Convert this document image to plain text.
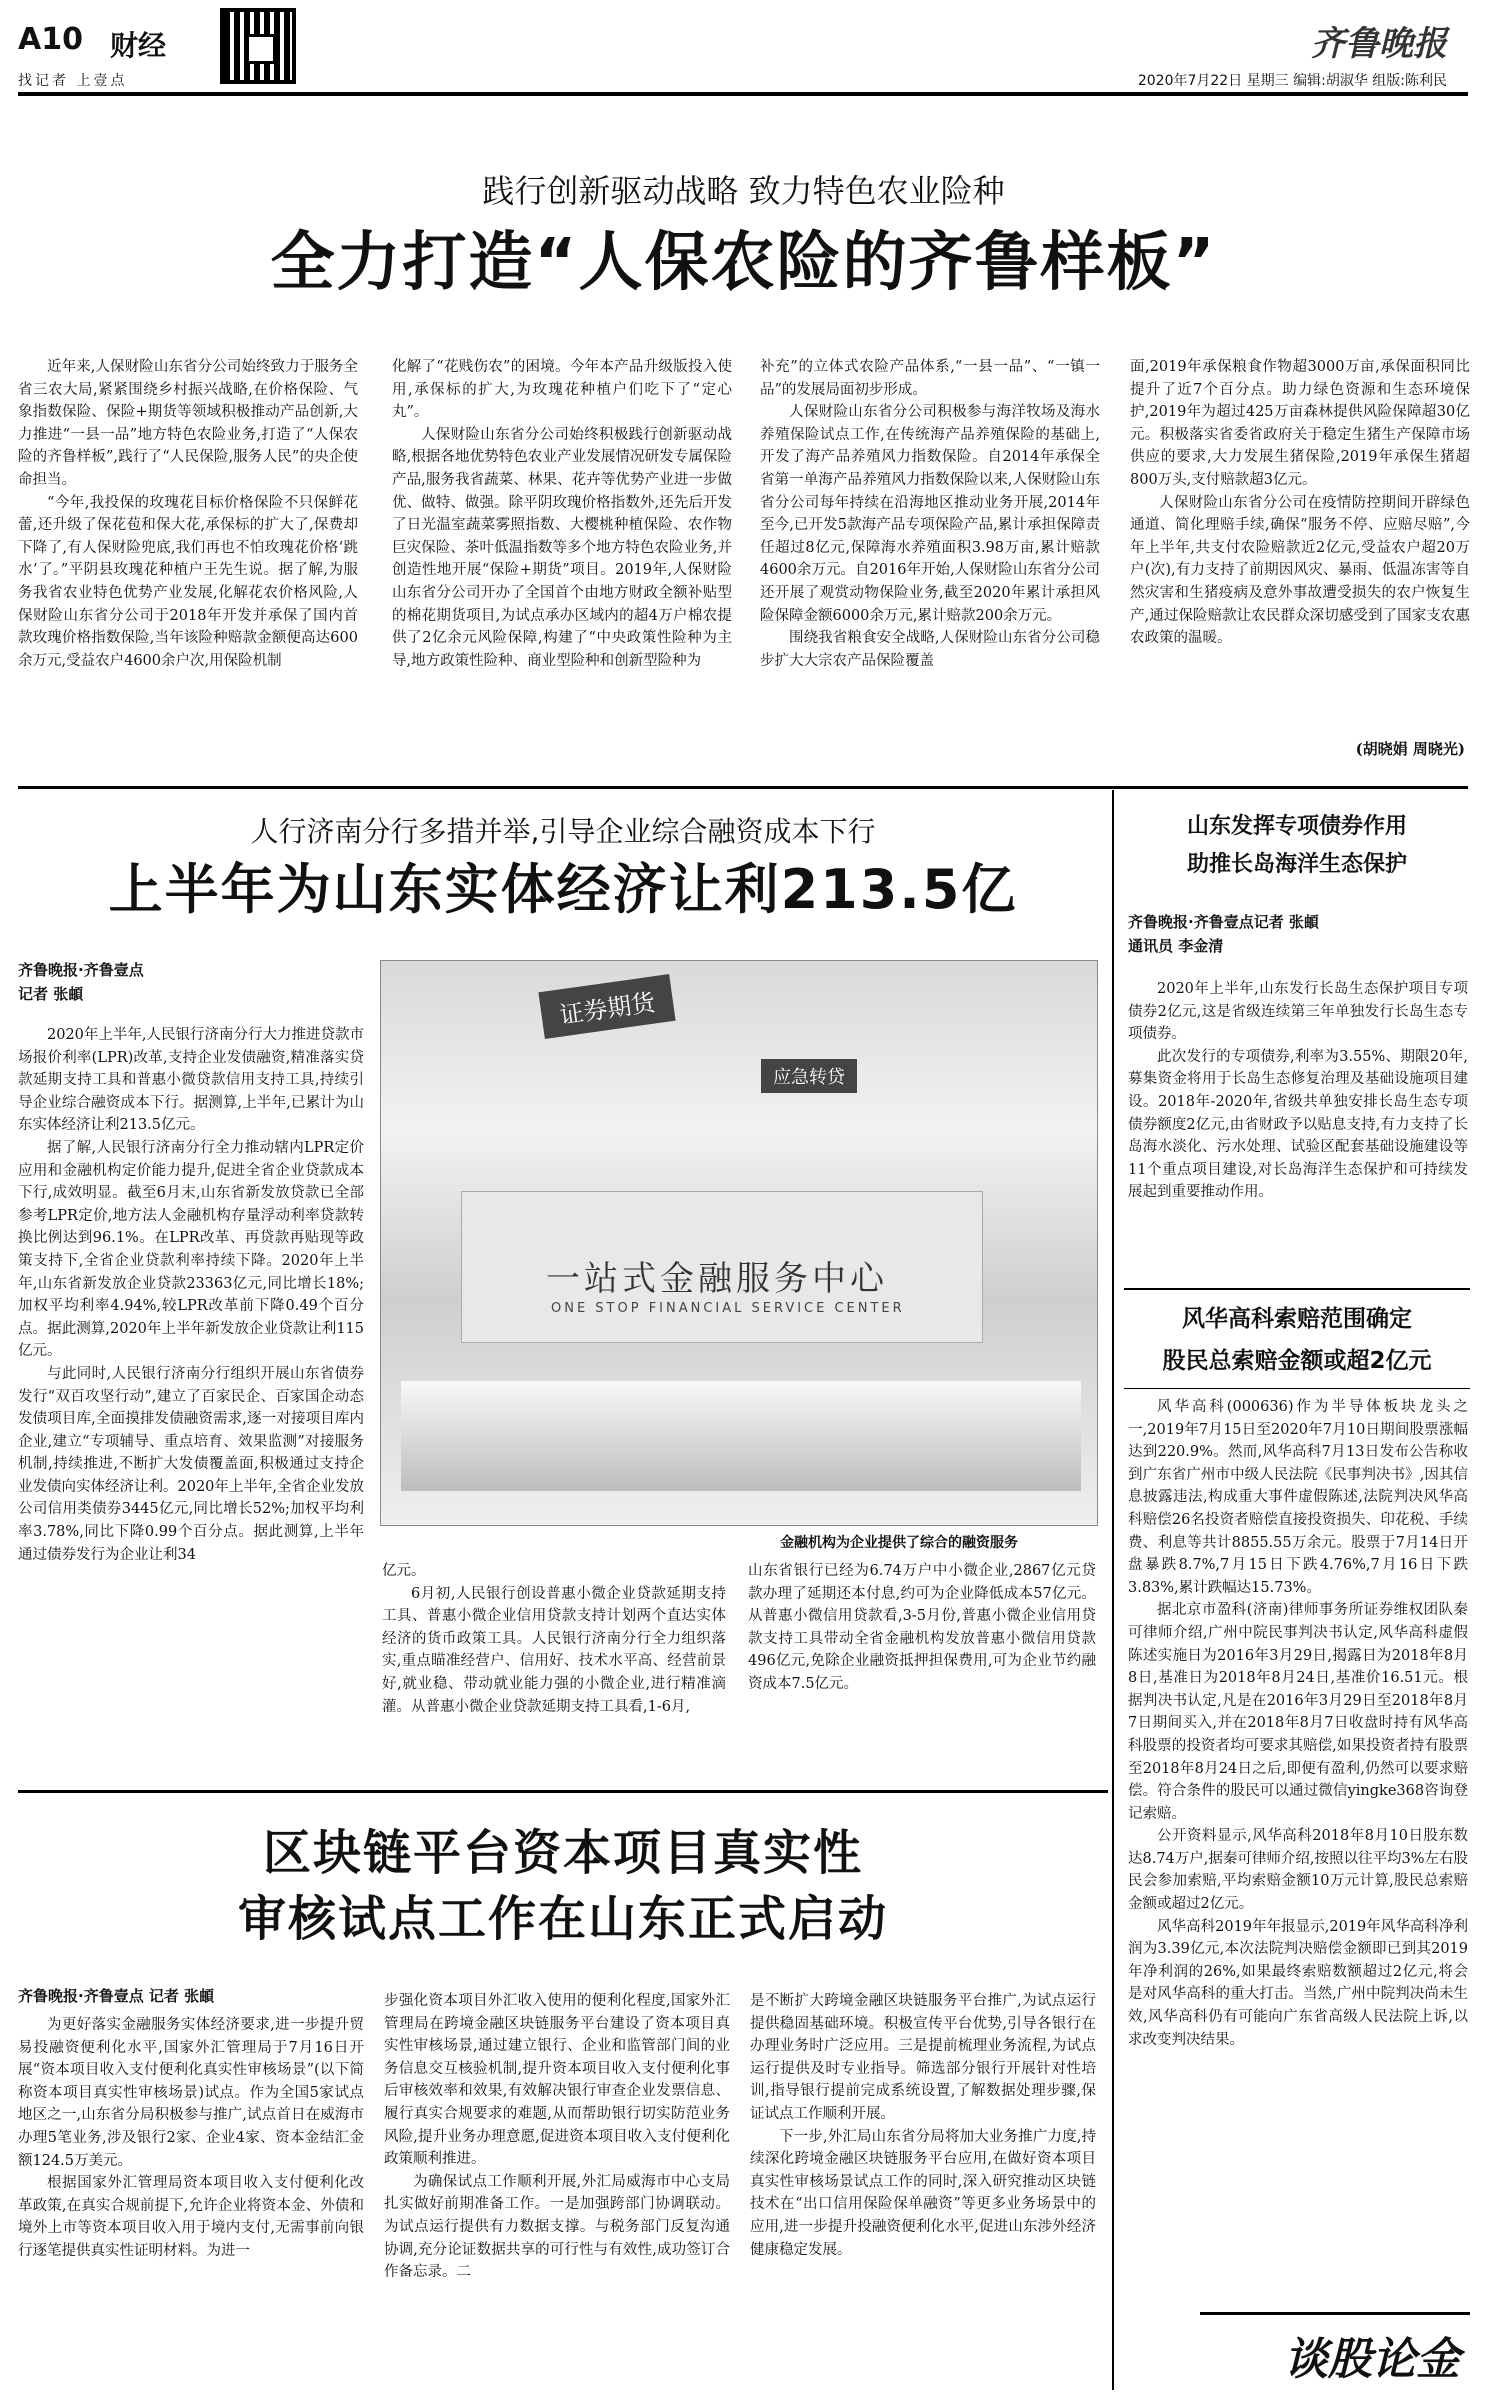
A10 财经
找记者 上壹点
齐鲁晚报
2020年7月22日 星期三 编辑:胡淑华 组版:陈利民
践行创新驱动战略 致力特色农业险种
全力打造“人保农险的齐鲁样板”

近年来,人保财险山东省分公司始终致力于服务全省三农大局,紧紧围绕乡村振兴战略,在价格保险、气象指数保险、保险+期货等领域积极推动产品创新,大力推进“一县一品”地方特色农险业务,打造了“人保农险的齐鲁样板”,践行了“人民保险,服务人民”的央企使命担当。

“今年,我投保的玫瑰花目标价格保险不只保鲜花蕾,还升级了保花苞和保大花,承保标的扩大了,保费却下降了,有人保财险兜底,我们再也不怕玫瑰花价格‘跳水’了。”平阴县玫瑰花种植户王先生说。据了解,为服务我省农业特色优势产业发展,化解花农价格风险,人保财险山东省分公司于2018年开发并承保了国内首款玫瑰价格指数保险,当年该险种赔款金额便高达600余万元,受益农户4600余户次,用保险机制

化解了“花贱伤农”的困境。今年本产品升级版投入使用,承保标的扩大,为玫瑰花种植户们吃下了“定心丸”。

人保财险山东省分公司始终积极践行创新驱动战略,根据各地优势特色农业产业发展情况研发专属保险产品,服务我省蔬菜、林果、花卉等优势产业进一步做优、做特、做强。除平阴玫瑰价格指数外,还先后开发了日光温室蔬菜雾照指数、大樱桃种植保险、农作物巨灾保险、茶叶低温指数等多个地方特色农险业务,并创造性地开展“保险+期货”项目。2019年,人保财险山东省分公司开办了全国首个由地方财政全额补贴型的棉花期货项目,为试点承办区域内的超4万户棉农提供了2亿余元风险保障,构建了“中央政策性险种为主导,地方政策性险种、商业型险种和创新型险种为

补充”的立体式农险产品体系,“一县一品”、“一镇一品”的发展局面初步形成。

人保财险山东省分公司积极参与海洋牧场及海水养殖保险试点工作,在传统海产品养殖保险的基础上,开发了海产品养殖风力指数保险。自2014年承保全省第一单海产品养殖风力指数保险以来,人保财险山东省分公司每年持续在沿海地区推动业务开展,2014年至今,已开发5款海产品专项保险产品,累计承担保障责任超过8亿元,保障海水养殖面积3.98万亩,累计赔款4600余万元。自2016年开始,人保财险山东省分公司还开展了观赏动物保险业务,截至2020年累计承担风险保障金额6000余万元,累计赔款200余万元。

围绕我省粮食安全战略,人保财险山东省分公司稳步扩大大宗农产品保险覆盖

面,2019年承保粮食作物超3000万亩,承保面积同比提升了近7个百分点。助力绿色资源和生态环境保护,2019年为超过425万亩森林提供风险保障超30亿元。积极落实省委省政府关于稳定生猪生产保障市场供应的要求,大力发展生猪保险,2019年承保生猪超800万头,支付赔款超3亿元。

人保财险山东省分公司在疫情防控期间开辟绿色通道、简化理赔手续,确保“服务不停、应赔尽赔”,今年上半年,共支付农险赔款近2亿元,受益农户超20万户(次),有力支持了前期因风灾、暴雨、低温冻害等自然灾害和生猪疫病及意外事故遭受损失的农户恢复生产,通过保险赔款让农民群众深切感受到了国家支农惠农政策的温暖。

(胡晓娟 周晓光)
人行济南分行多措并举,引导企业综合融资成本下行
上半年为山东实体经济让利213.5亿
齐鲁晚报·齐鲁壹点
记者 张頔

2020年上半年,人民银行济南分行大力推进贷款市场报价利率(LPR)改革,支持企业发债融资,精准落实贷款延期支持工具和普惠小微贷款信用支持工具,持续引导企业综合融资成本下行。据测算,上半年,已累计为山东实体经济让利213.5亿元。

据了解,人民银行济南分行全力推动辖内LPR定价应用和金融机构定价能力提升,促进全省企业贷款成本下行,成效明显。截至6月末,山东省新发放贷款已全部参考LPR定价,地方法人金融机构存量浮动利率贷款转换比例达到96.1%。在LPR改革、再贷款再贴现等政策支持下,全省企业贷款利率持续下降。2020年上半年,山东省新发放企业贷款23363亿元,同比增长18%;加权平均利率4.94%,较LPR改革前下降0.49个百分点。据此测算,2020年上半年新发放企业贷款让利115亿元。

与此同时,人民银行济南分行组织开展山东省债券发行“双百攻坚行动”,建立了百家民企、百家国企动态发债项目库,全面摸排发债融资需求,逐一对接项目库内企业,建立“专项辅导、重点培育、效果监测”对接服务机制,持续推进,不断扩大发债覆盖面,积极通过支持企业发债向实体经济让利。2020年上半年,全省企业发放公司信用类债券3445亿元,同比增长52%;加权平均利率3.78%,同比下降0.99个百分点。据此测算,上半年通过债券发行为企业让利34

证券期货
应急转贷
一站式金融服务中心
ONE STOP FINANCIAL SERVICE CENTER
金融机构为企业提供了综合的融资服务

亿元。

6月初,人民银行创设普惠小微企业贷款延期支持工具、普惠小微企业信用贷款支持计划两个直达实体经济的货币政策工具。人民银行济南分行全力组织落实,重点瞄准经营户、信用好、技术水平高、经营前景好,就业稳、带动就业能力强的小微企业,进行精准滴灌。从普惠小微企业贷款延期支持工具看,1-6月,

山东省银行已经为6.74万户中小微企业,2867亿元贷款办理了延期还本付息,约可为企业降低成本57亿元。从普惠小微信用贷款看,3-5月份,普惠小微企业信用贷款支持工具带动全省金融机构发放普惠小微信用贷款496亿元,免除企业融资抵押担保费用,可为企业节约融资成本7.5亿元。

山东发挥专项债券作用
助推长岛海洋生态保护
齐鲁晚报·齐鲁壹点记者 张頔
通讯员 李金清

2020年上半年,山东发行长岛生态保护项目专项债券2亿元,这是省级连续第三年单独发行长岛生态专项债券。

此次发行的专项债券,利率为3.55%、期限20年,募集资金将用于长岛生态修复治理及基础设施项目建设。2018年-2020年,省级共单独安排长岛生态专项债券额度2亿元,由省财政予以贴息支持,有力支持了长岛海水淡化、污水处理、试验区配套基础设施建设等11个重点项目建设,对长岛海洋生态保护和可持续发展起到重要推动作用。

风华高科索赔范围确定
股民总索赔金额或超2亿元

风华高科(000636)作为半导体板块龙头之一,2019年7月15日至2020年7月10日期间股票涨幅达到220.9%。然而,风华高科7月13日发布公告称收到广东省广州市中级人民法院《民事判决书》,因其信息披露违法,构成重大事件虚假陈述,法院判决风华高科赔偿26名投资者赔偿直接投资损失、印花税、手续费、利息等共计8855.55万余元。股票于7月14日开盘暴跌8.7%,7月15日下跌4.76%,7月16日下跌3.83%,累计跌幅达15.73%。

据北京市盈科(济南)律师事务所证券维权团队秦可律师介绍,广州中院民事判决书认定,风华高科虚假陈述实施日为2016年3月29日,揭露日为2018年8月8日,基准日为2018年8月24日,基准价16.51元。根据判决书认定,凡是在2016年3月29日至2018年8月7日期间买入,并在2018年8月7日收盘时持有风华高科股票的投资者均可要求其赔偿,如果投资者持有股票至2018年8月24日之后,即便有盈利,仍然可以要求赔偿。符合条件的股民可以通过微信yingke368咨询登记索赔。

公开资料显示,风华高科2018年8月10日股东数达8.74万户,据秦可律师介绍,按照以往平均3%左右股民会参加索赔,平均索赔金额10万元计算,股民总索赔金额或超过2亿元。

风华高科2019年年报显示,2019年风华高科净利润为3.39亿元,本次法院判决赔偿金额即已到其2019年净利润的26%,如果最终索赔数额超过2亿元,将会是对风华高科的重大打击。当然,广州中院判决尚未生效,风华高科仍有可能向广东省高级人民法院上诉,以求改变判决结果。

谈股论金
区块链平台资本项目真实性
审核试点工作在山东正式启动
齐鲁晚报·齐鲁壹点 记者 张頔

为更好落实金融服务实体经济要求,进一步提升贸易投融资便利化水平,国家外汇管理局于7月16日开展“资本项目收入支付便利化真实性审核场景”(以下简称资本项目真实性审核场景)试点。作为全国5家试点地区之一,山东省分局积极参与推广,试点首日在威海市办理5笔业务,涉及银行2家、企业4家、资本金结汇金额124.5万美元。

根据国家外汇管理局资本项目收入支付便利化改革政策,在真实合规前提下,允许企业将资本金、外债和境外上市等资本项目收入用于境内支付,无需事前向银行逐笔提供真实性证明材料。为进一

步强化资本项目外汇收入使用的便利化程度,国家外汇管理局在跨境金融区块链服务平台建设了资本项目真实性审核场景,通过建立银行、企业和监管部门间的业务信息交互核验机制,提升资本项目收入支付便利化事后审核效率和效果,有效解决银行审查企业发票信息、履行真实合规要求的难题,从而帮助银行切实防范业务风险,提升业务办理意愿,促进资本项目收入支付便利化政策顺利推进。

为确保试点工作顺利开展,外汇局威海市中心支局扎实做好前期准备工作。一是加强跨部门协调联动。为试点运行提供有力数据支撑。与税务部门反复沟通协调,充分论证数据共享的可行性与有效性,成功签订合作备忘录。二

是不断扩大跨境金融区块链服务平台推广,为试点运行提供稳固基础环境。积极宣传平台优势,引导各银行在办理业务时广泛应用。三是提前梳理业务流程,为试点运行提供及时专业指导。筛选部分银行开展针对性培训,指导银行提前完成系统设置,了解数据处理步骤,保证试点工作顺利开展。

下一步,外汇局山东省分局将加大业务推广力度,持续深化跨境金融区块链服务平台应用,在做好资本项目真实性审核场景试点工作的同时,深入研究推动区块链技术在“出口信用保险保单融资”等更多业务场景中的应用,进一步提升投融资便利化水平,促进山东涉外经济健康稳定发展。
